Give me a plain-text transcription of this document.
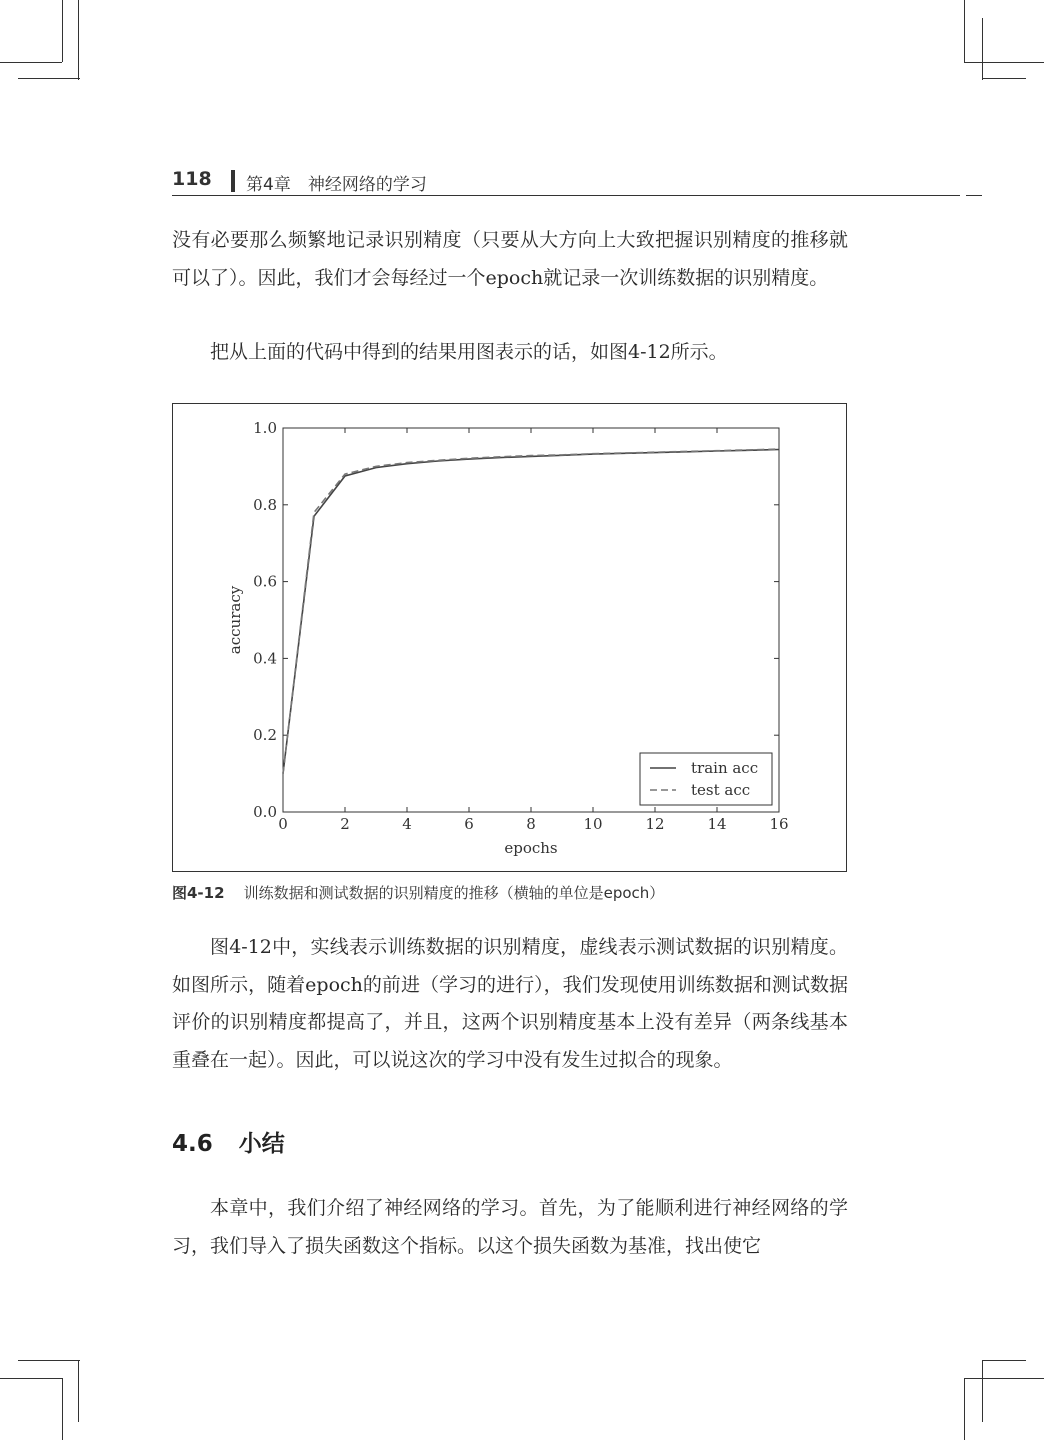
118 第4章　神经网络的学习

没有必要那么频繁地记录识别精度（只要从大方向上大致把握识别精度的推移就可以了）。因此，我们才会每经过一个epoch就记录一次训练数据的识别精度。

把从上面的代码中得到的结果用图表示的话，如图4-12所示。

0	2	4	6	8	10	12	14	16
0.0
0.2
0.4
0.6
0.8
1.0
epochs
accuracy
train acc
test acc
图4-12 训练数据和测试数据的识别精度的推移（横轴的单位是epoch）

图4-12中，实线表示训练数据的识别精度，虚线表示测试数据的识别精度。如图所示，随着epoch的前进（学习的进行），我们发现使用训练数据和测试数据评价的识别精度都提高了，并且，这两个识别精度基本上没有差异（两条线基本重叠在一起）。因此，可以说这次的学习中没有发生过拟合的现象。

4.6 小结

本章中，我们介绍了神经网络的学习。首先，为了能顺利进行神经网络的学习，我们导入了损失函数这个指标。以这个损失函数为基准，找出使它
